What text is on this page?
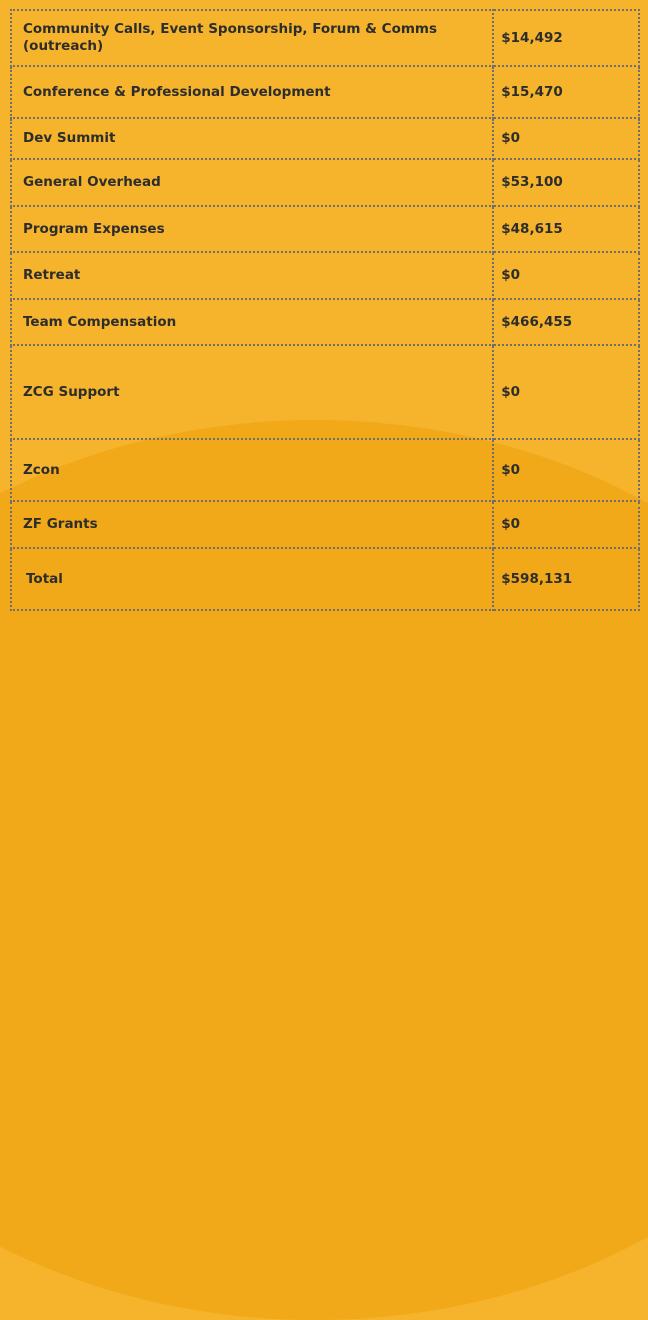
Community Calls, Event Sponsorship, Forum & Comms (outreach)	$14,492
Conference & Professional Development	$15,470
Dev Summit	$0
General Overhead	$53,100
Program Expenses	$48,615
Retreat	$0
Team Compensation	$466,455
ZCG Support	$0
Zcon	$0
ZF Grants	$0
Total	$598,131
